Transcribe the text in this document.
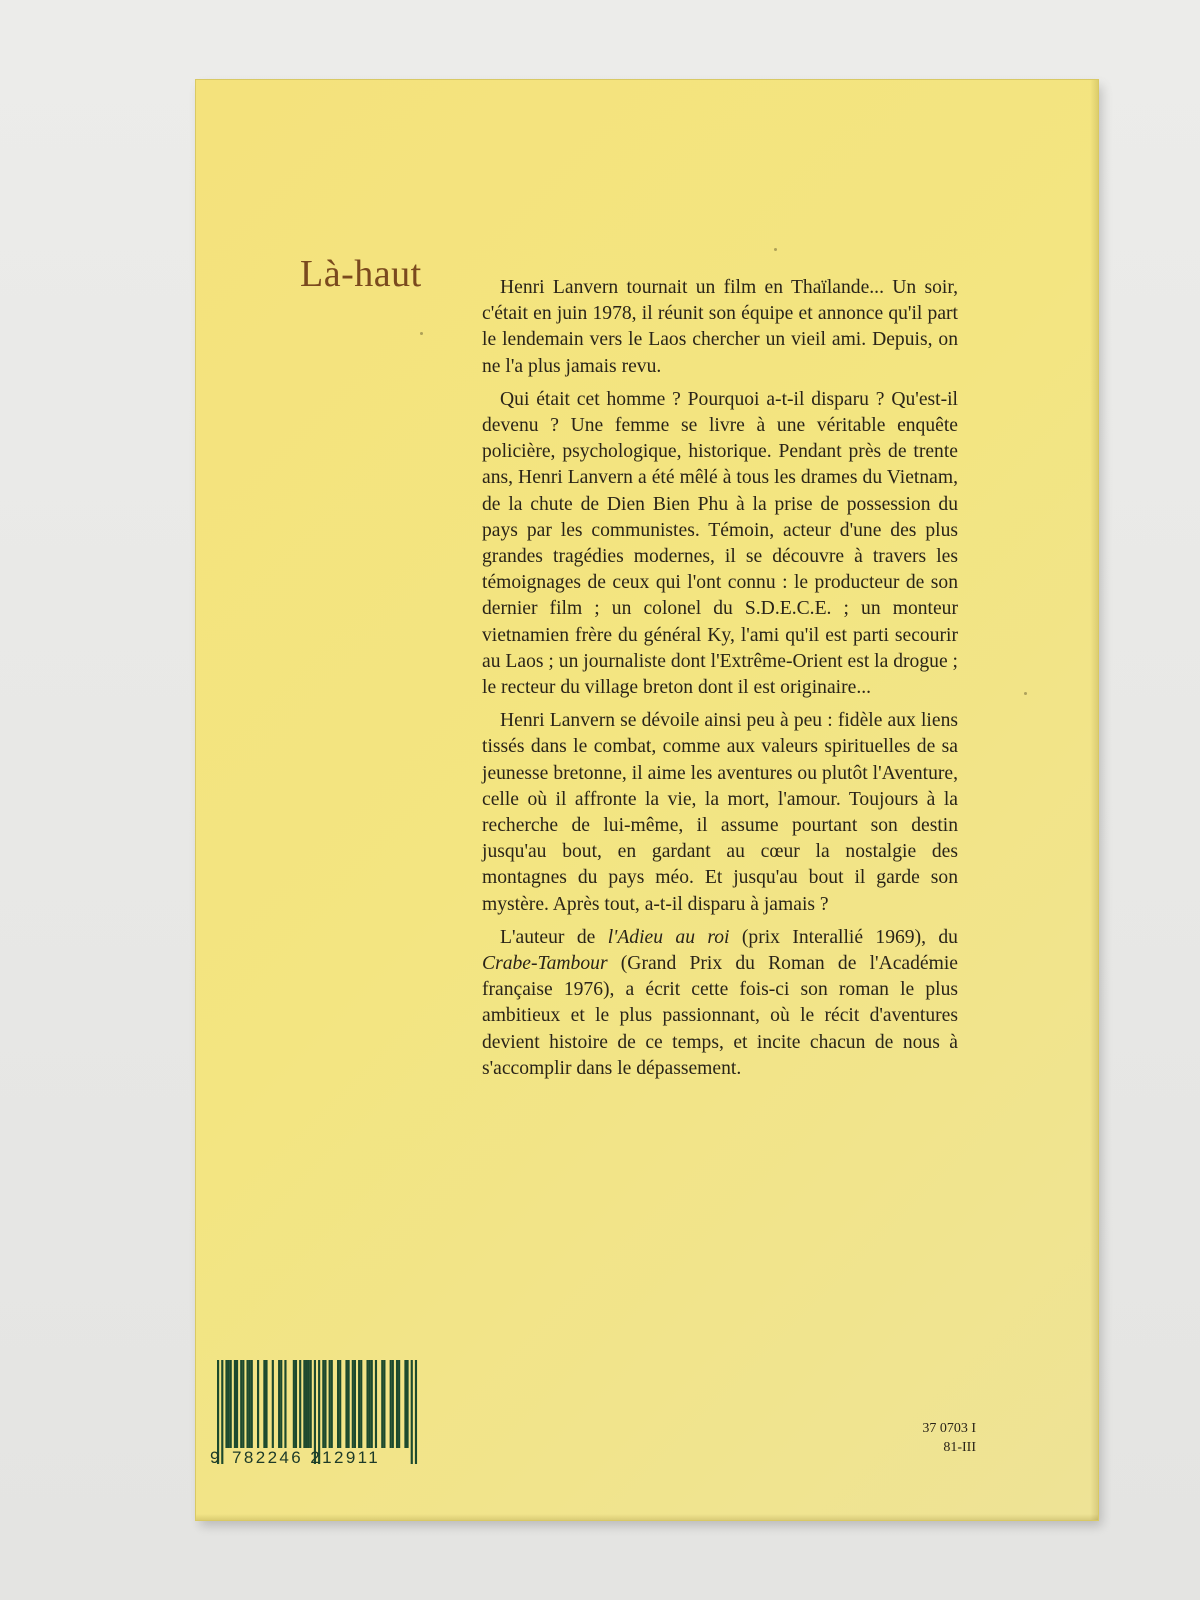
Là-haut	Henri Lanvern tournait un film en Thaïlande... Un soir, c'était en juin 1978, il réunit son équipe et annonce qu'il part le lendemain vers le Laos chercher un vieil ami. Depuis, on ne l'a plus jamais revu.

Qui était cet homme ? Pourquoi a-t-il disparu ? Qu'est-il devenu ? Une femme se livre à une véritable enquête policière, psychologique, historique. Pendant près de trente ans, Henri Lanvern a été mêlé à tous les drames du Vietnam, de la chute de Dien Bien Phu à la prise de possession du pays par les communistes. Témoin, acteur d'une des plus grandes tragédies modernes, il se découvre à travers les témoignages de ceux qui l'ont connu : le producteur de son dernier film ; un colonel du S.D.E.C.E. ; un monteur vietnamien frère du général Ky, l'ami qu'il est parti secourir au Laos ; un journaliste dont l'Extrême-Orient est la drogue ; le recteur du village breton dont il est originaire...

Henri Lanvern se dévoile ainsi peu à peu : fidèle aux liens tissés dans le combat, comme aux valeurs spirituelles de sa jeunesse bretonne, il aime les aventures ou plutôt l'Aventure, celle où il affronte la vie, la mort, l'amour. Toujours à la recherche de lui-même, il assume pourtant son destin jusqu'au bout, en gardant au cœur la nostalgie des montagnes du pays méo. Et jusqu'au bout il garde son mystère. Après tout, a-t-il disparu à jamais ?

L'auteur de l'Adieu au roi (prix Interallié 1969), du Crabe-Tambour (Grand Prix du Roman de l'Académie française 1976), a écrit cette fois-ci son roman le plus ambitieux et le plus passionnant, où le récit d'aventures devient histoire de ce temps, et incite chacun de nous à s'accomplir dans le dépassement.

9 782246 212911
37 0703 I
81-III
